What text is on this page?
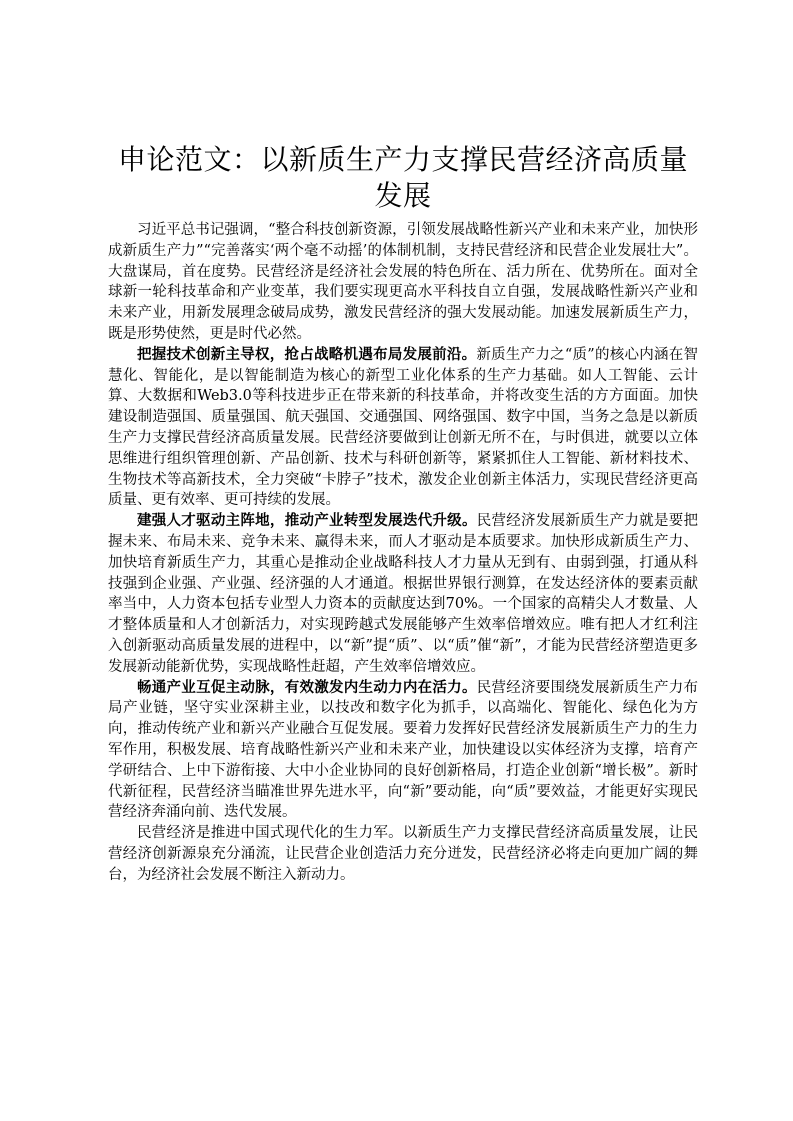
申论范文：以新质生产力支撑民营经济高质量发展

习近平总书记强调，“整合科技创新资源，引领发展战略性新兴产业和未来产业，加快形成新质生产力”“完善落实‘两个毫不动摇’的体制机制，支持民营经济和民营企业发展壮大”。大盘谋局，首在度势。民营经济是经济社会发展的特色所在、活力所在、优势所在。面对全球新一轮科技革命和产业变革，我们要实现更高水平科技自立自强，发展战略性新兴产业和未来产业，用新发展理念破局成势，激发民营经济的强大发展动能。加速发展新质生产力，既是形势使然，更是时代必然。

把握技术创新主导权，抢占战略机遇布局发展前沿。新质生产力之“质”的核心内涵在智慧化、智能化，是以智能制造为核心的新型工业化体系的生产力基础。如人工智能、云计算、大数据和Web3.0等科技进步正在带来新的科技革命，并将改变生活的方方面面。加快建设制造强国、质量强国、航天强国、交通强国、网络强国、数字中国，当务之急是以新质生产力支撑民营经济高质量发展。民营经济要做到让创新无所不在，与时俱进，就要以立体思维进行组织管理创新、产品创新、技术与科研创新等，紧紧抓住人工智能、新材料技术、生物技术等高新技术，全力突破“卡脖子”技术，激发企业创新主体活力，实现民营经济更高质量、更有效率、更可持续的发展。

建强人才驱动主阵地，推动产业转型发展迭代升级。民营经济发展新质生产力就是要把握未来、布局未来、竞争未来、赢得未来，而人才驱动是本质要求。加快形成新质生产力、加快培育新质生产力，其重心是推动企业战略科技人才力量从无到有、由弱到强，打通从科技强到企业强、产业强、经济强的人才通道。根据世界银行测算，在发达经济体的要素贡献率当中，人力资本包括专业型人力资本的贡献度达到70%。一个国家的高精尖人才数量、人才整体质量和人才创新活力，对实现跨越式发展能够产生效率倍增效应。唯有把人才红利注入创新驱动高质量发展的进程中，以“新”提“质”、以“质”催“新”，才能为民营经济塑造更多发展新动能新优势，实现战略性赶超，产生效率倍增效应。

畅通产业互促主动脉，有效激发内生动力内在活力。民营经济要围绕发展新质生产力布局产业链，坚守实业深耕主业，以技改和数字化为抓手，以高端化、智能化、绿色化为方向，推动传统产业和新兴产业融合互促发展。要着力发挥好民营经济发展新质生产力的生力军作用，积极发展、培育战略性新兴产业和未来产业，加快建设以实体经济为支撑，培育产学研结合、上中下游衔接、大中小企业协同的良好创新格局，打造企业创新“增长极”。新时代新征程，民营经济当瞄准世界先进水平，向“新”要动能，向“质”要效益，才能更好实现民营经济奔涌向前、迭代发展。

民营经济是推进中国式现代化的生力军。以新质生产力支撑民营经济高质量发展，让民营经济创新源泉充分涌流，让民营企业创造活力充分迸发，民营经济必将走向更加广阔的舞台，为经济社会发展不断注入新动力。
